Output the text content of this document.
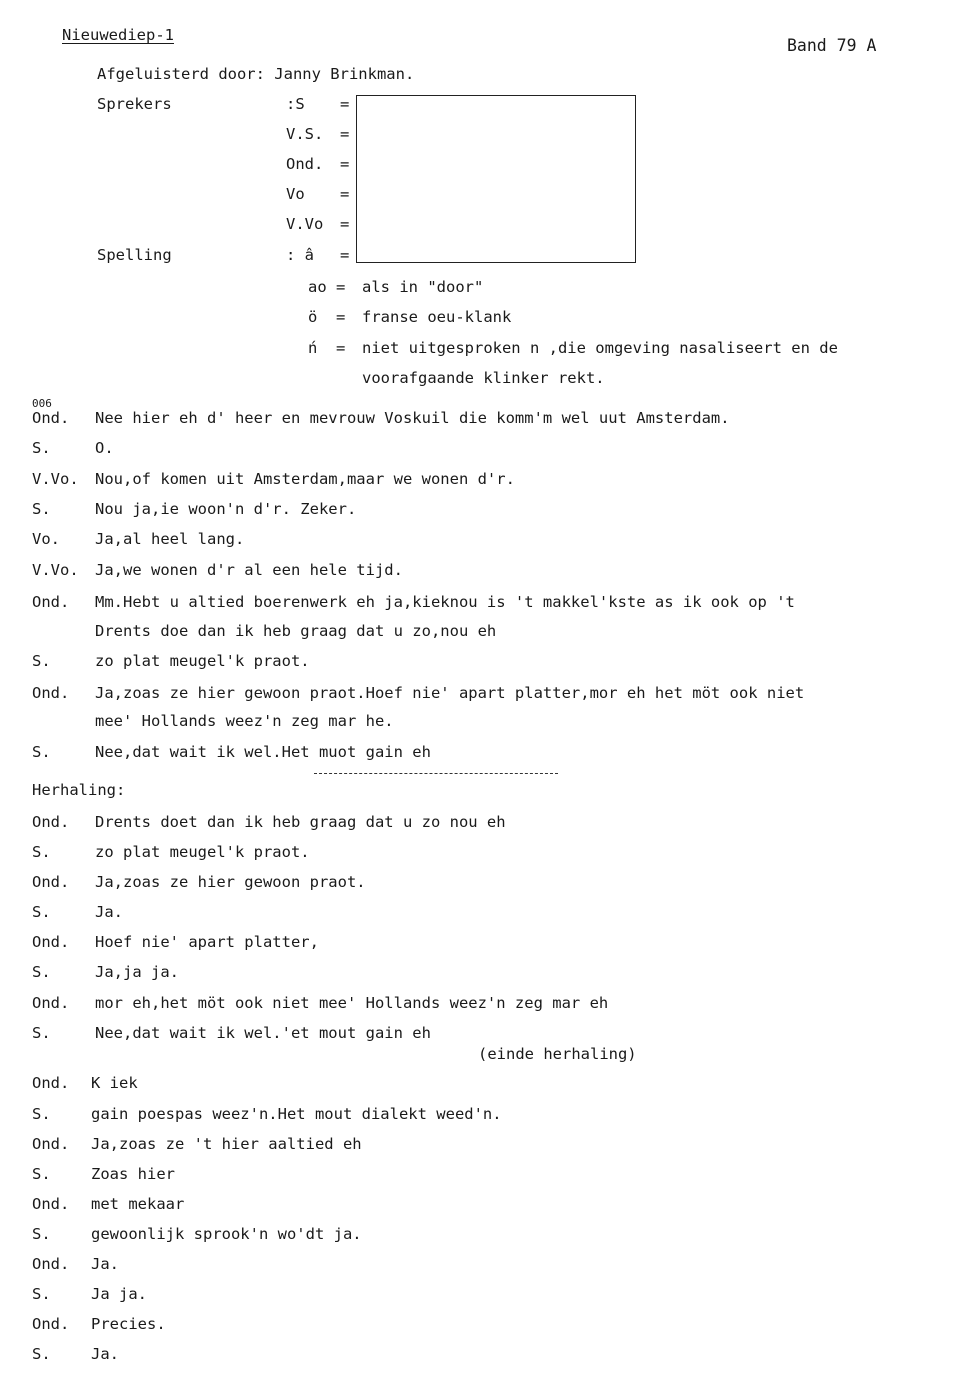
Nieuwediep-1
Band 79 A
Afgeluisterd door: Janny Brinkman.
Sprekers	:S =
V.S. =
Ond. =
Vo =
V.Vo =
Spelling	: â =
ao = als in "door"
ö = franse oeu-klank
ń = niet uitgesproken n ,die omgeving nasaliseert en de
voorafgaande klinker rekt.
006
Ond. Nee hier eh d' heer en mevrouw Voskuil die komm'm wel uut Amsterdam.
S.	O.
V.Vo. Nou,of komen uit Amsterdam,maar we wonen d'r.
S.	Nou ja,ie woon'n d'r. Zeker.
Vo. Ja,al heel lang.
V.Vo. Ja,we wonen d'r al een hele tijd.
Ond. Mm.Hebt u altied boerenwerk eh ja,kieknou is 't makkel'kste as ik ook op 't
Drents doe dan ik heb graag dat u zo,nou eh
S.	zo plat meugel'k praot.
Ond. Ja,zoas ze hier gewoon praot.Hoef nie' apart platter,mor eh het möt ook niet
mee' Hollands weez'n zeg mar he.
S.	Nee,dat wait ik wel.Het muot gain eh
Herhaling:
Ond. Drents doet dan ik heb graag dat u zo nou eh
S.	zo plat meugel'k praot.
Ond. Ja,zoas ze hier gewoon praot.
S.	Ja.
Ond. Hoef nie' apart platter,
S.	Ja,ja ja.
Ond. mor eh,het möt ook niet mee' Hollands weez'n zeg mar eh
S.	Nee,dat wait ik wel.'et mout gain eh
(einde herhaling)
Ond. K iek
S.	gain poespas weez'n.Het mout dialekt weed'n.
Ond. Ja,zoas ze 't hier aaltied eh
S.	Zoas hier
Ond. met mekaar
S.	gewoonlijk sprook'n wo'dt ja.
Ond. Ja.
S.	Ja ja.
Ond. Precies.
S.	Ja.
